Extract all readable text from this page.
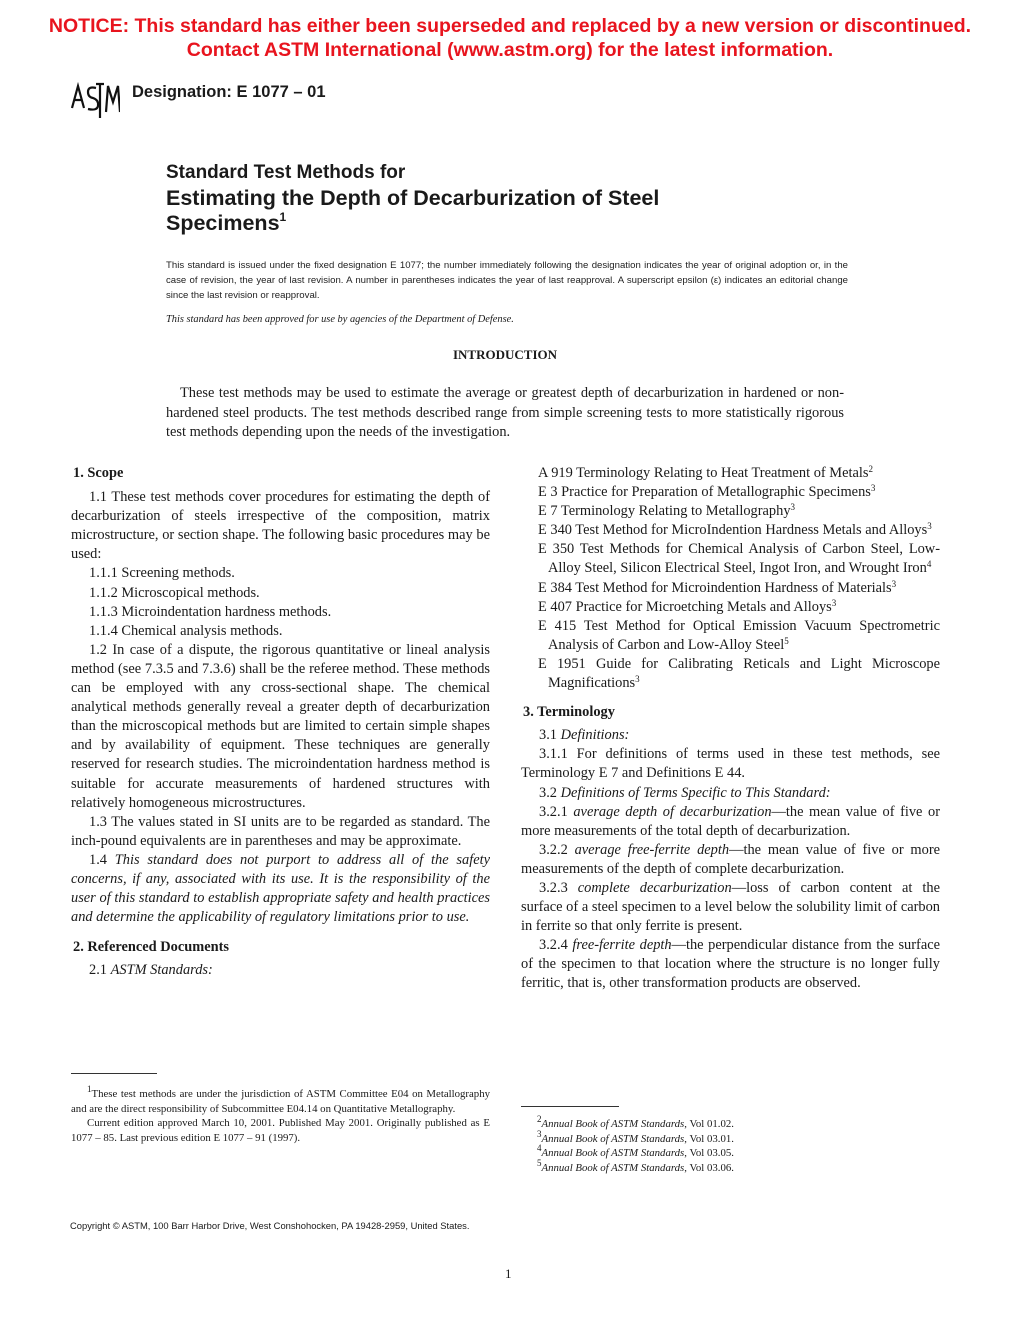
NOTICE: This standard has either been superseded and replaced by a new version or discontinued.
Contact ASTM International (www.astm.org) for the latest information.
Designation: E 1077 – 01
Standard Test Methods for
Estimating the Depth of Decarburization of Steel
Specimens$^1$
This standard is issued under the fixed designation E 1077; the number immediately following the designation indicates the year of original adoption or, in the case of revision, the year of last revision. A number in parentheses indicates the year of last reapproval. A superscript epsilon (ε) indicates an editorial change since the last revision or reapproval.
This standard has been approved for use by agencies of the Department of Defense.
INTRODUCTION
These test methods may be used to estimate the average or greatest depth of decarburization in hardened or non-hardened steel products. The test methods described range from simple screening tests to more statistically rigorous test methods depending upon the needs of the investigation.

1. Scope

1.1 These test methods cover procedures for estimating the depth of decarburization of steels irrespective of the composition, matrix microstructure, or section shape. The following basic procedures may be used:

1.1.1 Screening methods.

1.1.2 Microscopical methods.

1.1.3 Microindentation hardness methods.

1.1.4 Chemical analysis methods.

1.2 In case of a dispute, the rigorous quantitative or lineal analysis method (see 7.3.5 and 7.3.6) shall be the referee method. These methods can be employed with any cross-sectional shape. The chemical analytical methods generally reveal a greater depth of decarburization than the microscopical methods but are limited to certain simple shapes and by availability of equipment. These techniques are generally reserved for research studies. The microindentation hardness method is suitable for accurate measurements of hardened structures with relatively homogeneous microstructures.

1.3 The values stated in SI units are to be regarded as standard. The inch-pound equivalents are in parentheses and may be approximate.

1.4 This standard does not purport to address all of the safety concerns, if any, associated with its use. It is the responsibility of the user of this standard to establish appropriate safety and health practices and determine the applicability of regulatory limitations prior to use.

2. Referenced Documents

2.1 ASTM Standards:

A 919 Terminology Relating to Heat Treatment of Metals$^2$

E 3 Practice for Preparation of Metallographic Specimens$^3$

E 7 Terminology Relating to Metallography$^3$

E 340 Test Method for MicroIndention Hardness Metals and Alloys$^3$

E 350 Test Methods for Chemical Analysis of Carbon Steel, Low-Alloy Steel, Silicon Electrical Steel, Ingot Iron, and Wrought Iron$^4$

E 384 Test Method for Microindention Hardness of Materials$^3$

E 407 Practice for Microetching Metals and Alloys$^3$

E 415 Test Method for Optical Emission Vacuum Spectrometric Analysis of Carbon and Low-Alloy Steel$^5$

E 1951 Guide for Calibrating Reticals and Light Microscope Magnifications$^3$

3. Terminology

3.1 Definitions:

3.1.1 For definitions of terms used in these test methods, see Terminology E 7 and Definitions E 44.

3.2 Definitions of Terms Specific to This Standard:

3.2.1 average depth of decarburization—the mean value of five or more measurements of the total depth of decarburization.

3.2.2 average free-ferrite depth—the mean value of five or more measurements of the depth of complete decarburization.

3.2.3 complete decarburization—loss of carbon content at the surface of a steel specimen to a level below the solubility limit of carbon in ferrite so that only ferrite is present.

3.2.4 free-ferrite depth—the perpendicular distance from the surface of the specimen to that location where the structure is no longer fully ferritic, that is, other transformation products are observed.

$^1$These test methods are under the jurisdiction of ASTM Committee E04 on Metallography and are the direct responsibility of Subcommittee E04.14 on Quantitative Metallography.

Current edition approved March 10, 2001. Published May 2001. Originally published as E 1077 – 85. Last previous edition E 1077 – 91 (1997).

$^2$Annual Book of ASTM Standards, Vol 01.02.

$^3$Annual Book of ASTM Standards, Vol 03.01.

$^4$Annual Book of ASTM Standards, Vol 03.05.

$^5$Annual Book of ASTM Standards, Vol 03.06.

Copyright © ASTM, 100 Barr Harbor Drive, West Conshohocken, PA 19428-2959, United States.
1
